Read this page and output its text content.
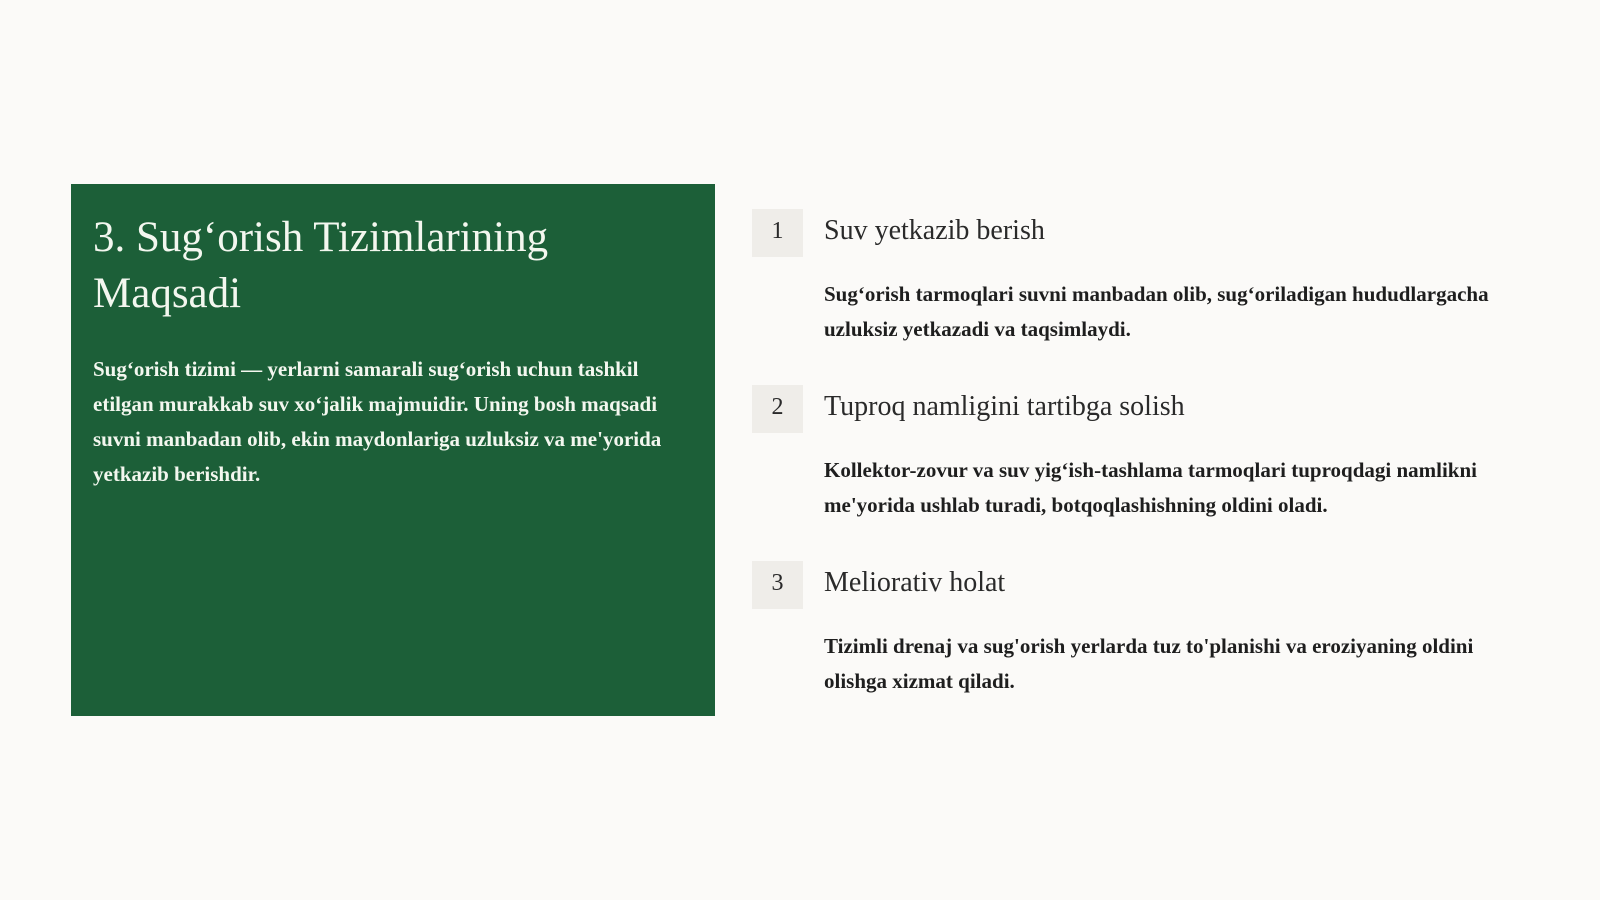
3. Sug‘orish Tizimlarining Maqsadi

Sug‘orish tizimi — yerlarni samarali sug‘orish uchun tashkil etilgan murakkab suv xo‘jalik majmuidir. Uning bosh maqsadi suvni manbadan olib, ekin maydonlariga uzluksiz va me'yorida yetkazib berishdir.

1	Suv yetkazib berish

Sug‘orish tarmoqlari suvni manbadan olib, sug‘oriladigan hududlargacha uzluksiz yetkazadi va taqsimlaydi.

2	Tuproq namligini tartibga solish

Kollektor-zovur va suv yig‘ish-tashlama tarmoqlari tuproqdagi namlikni me'yorida ushlab turadi, botqoqlashishning oldini oladi.

3	Meliorativ holat

Tizimli drenaj va sug'orish yerlarda tuz to'planishi va eroziyaning oldini olishga xizmat qiladi.
